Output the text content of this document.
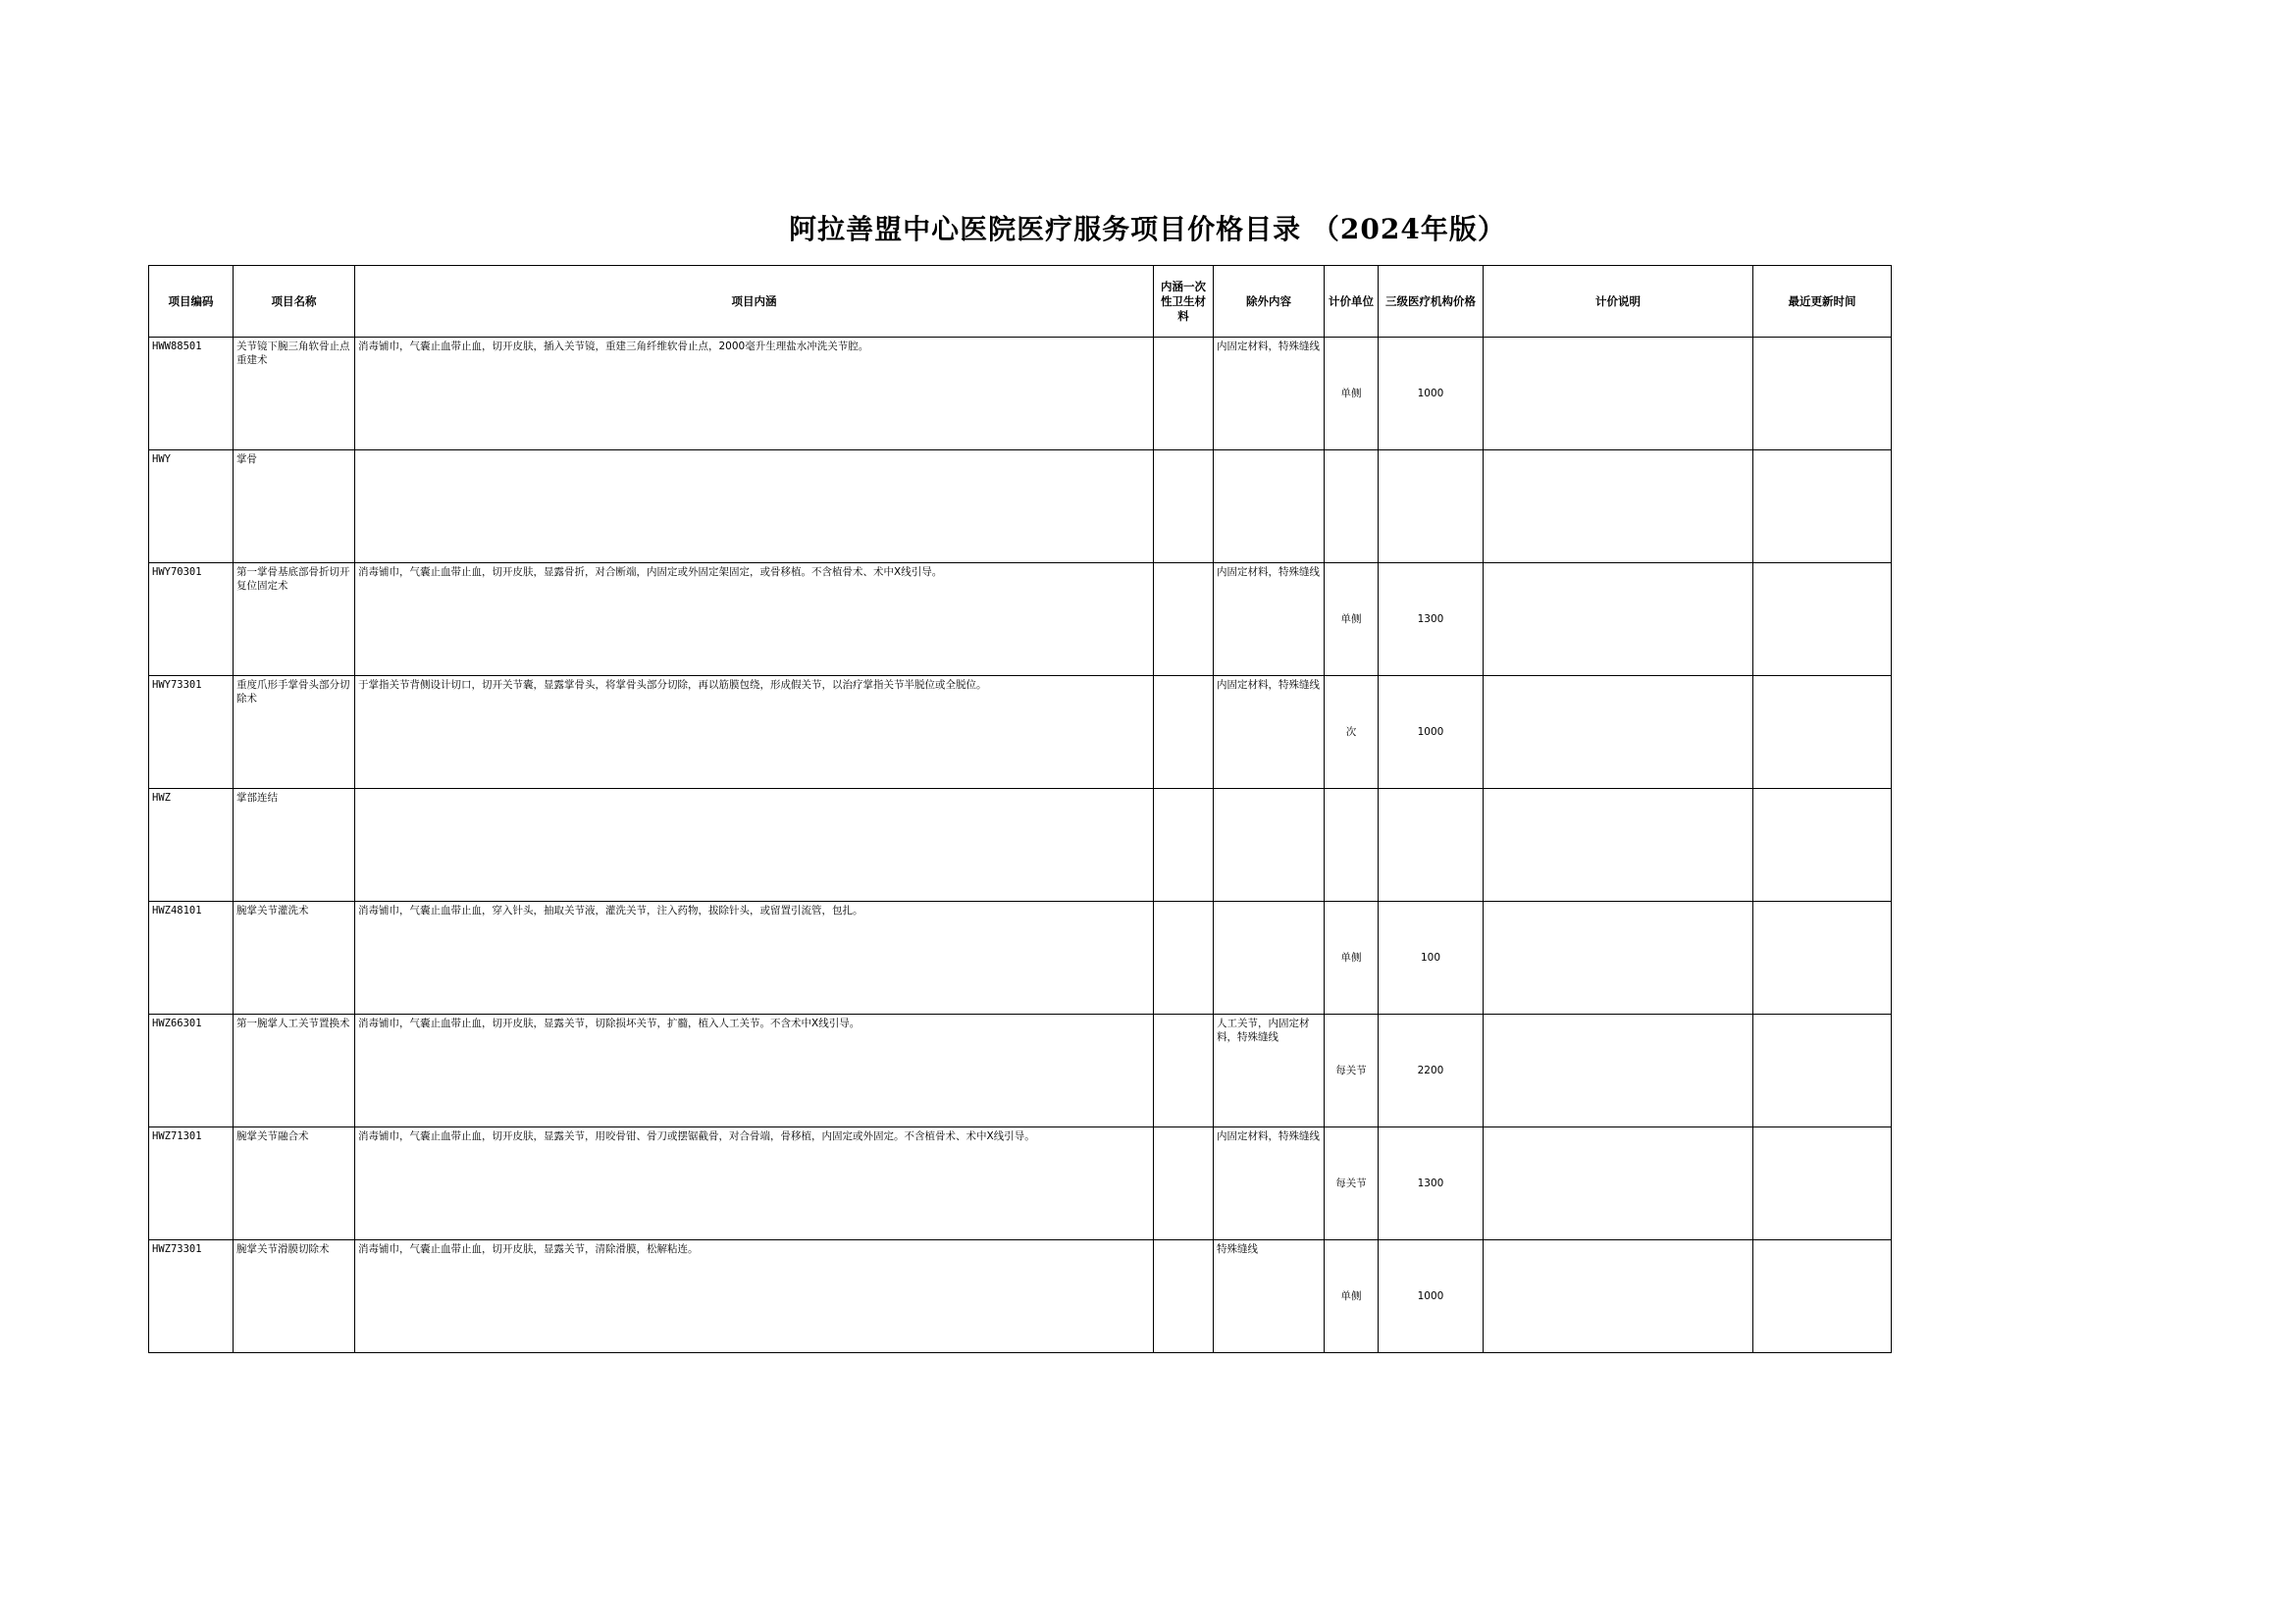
阿拉善盟中心医院医疗服务项目价格目录 （2024年版）
项目编码	项目名称	项目内涵	内涵一次性卫生材料	除外内容	计价单位	三级医疗机构价格	计价说明	最近更新时间
HWW88501	关节镜下腕三角软骨止点重建术	消毒铺巾，气囊止血带止血，切开皮肤，插入关节镜，重建三角纤维软骨止点，2000毫升生理盐水冲洗关节腔。		内固定材料，特殊缝线	单侧	1000		
HWY	掌骨							
HWY70301	第一掌骨基底部骨折切开复位固定术	消毒铺巾，气囊止血带止血，切开皮肤，显露骨折，对合断端，内固定或外固定架固定，或骨移植。不含植骨术、术中X线引导。		内固定材料，特殊缝线	单侧	1300		
HWY73301	重度爪形手掌骨头部分切除术	于掌指关节背侧设计切口，切开关节囊，显露掌骨头，将掌骨头部分切除，再以筋膜包绕，形成假关节，以治疗掌指关节半脱位或全脱位。		内固定材料，特殊缝线	次	1000		
HWZ	掌部连结							
HWZ48101	腕掌关节灌洗术	消毒铺巾，气囊止血带止血，穿入针头，抽取关节液，灌洗关节，注入药物，拔除针头，或留置引流管，包扎。			单侧	100		
HWZ66301	第一腕掌人工关节置换术	消毒铺巾，气囊止血带止血，切开皮肤，显露关节，切除损坏关节，扩髓，植入人工关节。不含术中X线引导。		人工关节，内固定材料，特殊缝线	每关节	2200		
HWZ71301	腕掌关节融合术	消毒铺巾，气囊止血带止血，切开皮肤，显露关节，用咬骨钳、骨刀或摆锯截骨，对合骨端，骨移植，内固定或外固定。不含植骨术、术中X线引导。		内固定材料，特殊缝线	每关节	1300		
HWZ73301	腕掌关节滑膜切除术	消毒铺巾，气囊止血带止血，切开皮肤，显露关节，清除滑膜，松解粘连。		特殊缝线	单侧	1000		
